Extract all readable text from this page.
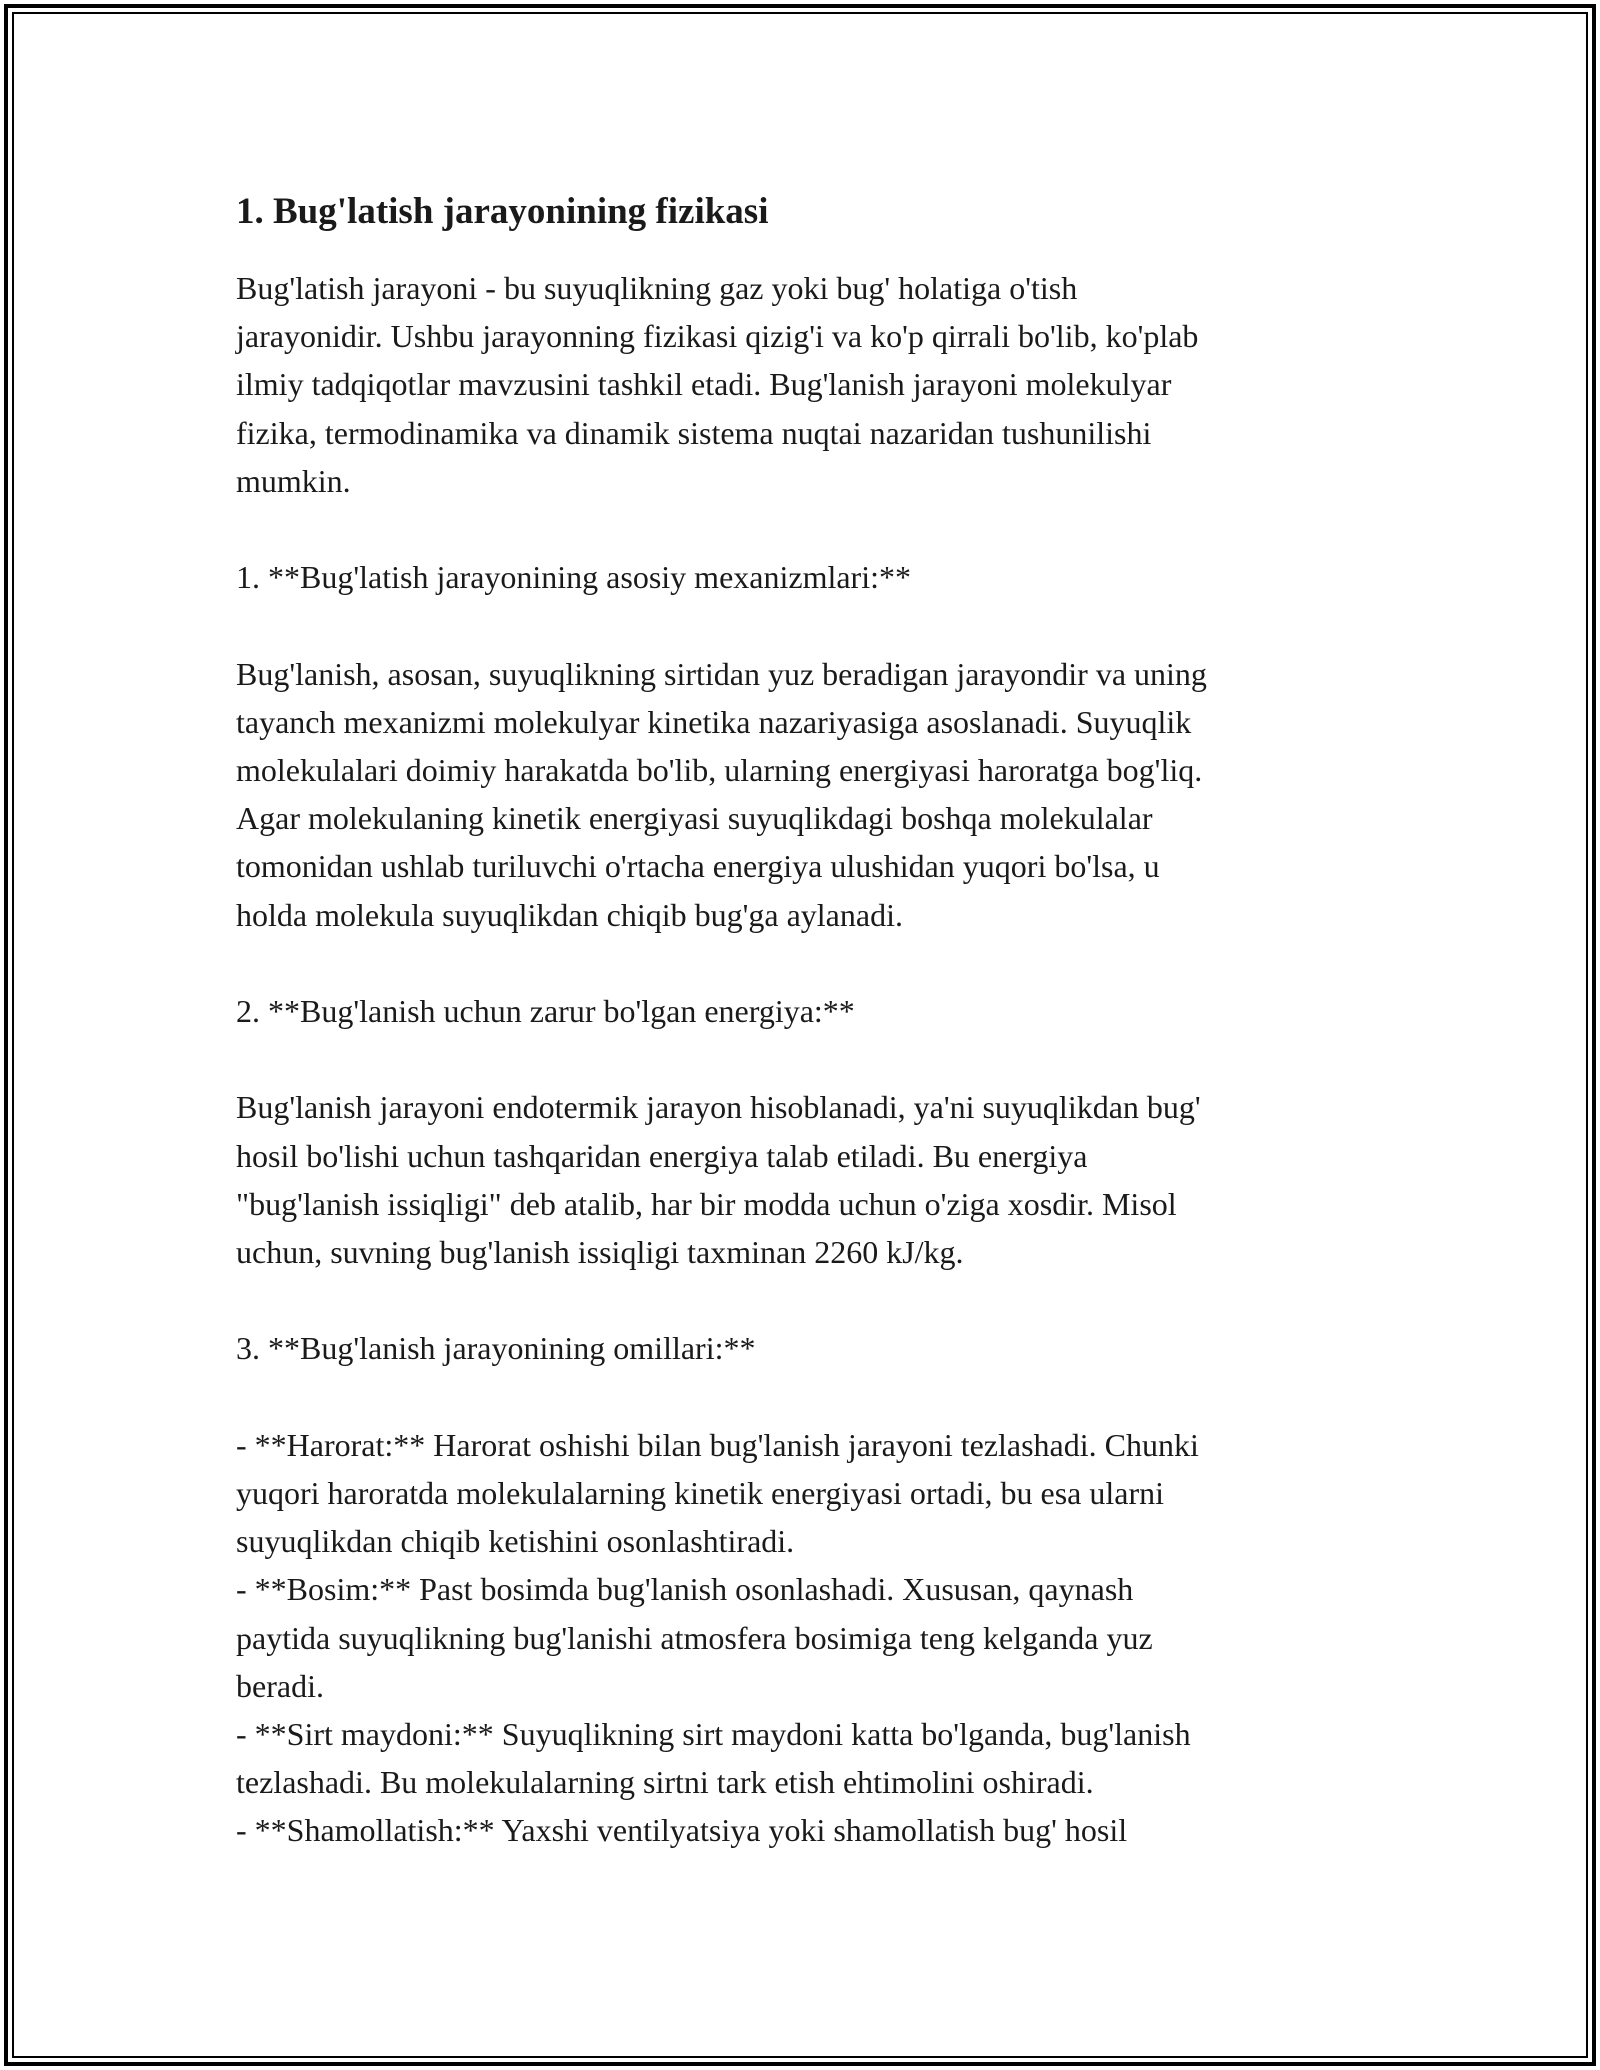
1. Bug'latish jarayonining fizikasi
Bug'latish jarayoni - bu suyuqlikning gaz yoki bug' holatiga o'tish
jarayonidir. Ushbu jarayonning fizikasi qizig'i va ko'p qirrali bo'lib, ko'plab
ilmiy tadqiqotlar mavzusini tashkil etadi. Bug'lanish jarayoni molekulyar
fizika, termodinamika va dinamik sistema nuqtai nazaridan tushunilishi
mumkin.
1. **Bug'latish jarayonining asosiy mexanizmlari:**
Bug'lanish, asosan, suyuqlikning sirtidan yuz beradigan jarayondir va uning
tayanch mexanizmi molekulyar kinetika nazariyasiga asoslanadi. Suyuqlik
molekulalari doimiy harakatda bo'lib, ularning energiyasi haroratga bog'liq.
Agar molekulaning kinetik energiyasi suyuqlikdagi boshqa molekulalar
tomonidan ushlab turiluvchi o'rtacha energiya ulushidan yuqori bo'lsa, u
holda molekula suyuqlikdan chiqib bug'ga aylanadi.
2. **Bug'lanish uchun zarur bo'lgan energiya:**
Bug'lanish jarayoni endotermik jarayon hisoblanadi, ya'ni suyuqlikdan bug'
hosil bo'lishi uchun tashqaridan energiya talab etiladi. Bu energiya
"bug'lanish issiqligi" deb atalib, har bir modda uchun o'ziga xosdir. Misol
uchun, suvning bug'lanish issiqligi taxminan 2260 kJ/kg.
3. **Bug'lanish jarayonining omillari:**
- **Harorat:** Harorat oshishi bilan bug'lanish jarayoni tezlashadi. Chunki
yuqori haroratda molekulalarning kinetik energiyasi ortadi, bu esa ularni
suyuqlikdan chiqib ketishini osonlashtiradi.
- **Bosim:** Past bosimda bug'lanish osonlashadi. Xususan, qaynash
paytida suyuqlikning bug'lanishi atmosfera bosimiga teng kelganda yuz
beradi.
- **Sirt maydoni:** Suyuqlikning sirt maydoni katta bo'lganda, bug'lanish
tezlashadi. Bu molekulalarning sirtni tark etish ehtimolini oshiradi.
- **Shamollatish:** Yaxshi ventilyatsiya yoki shamollatish bug' hosil
